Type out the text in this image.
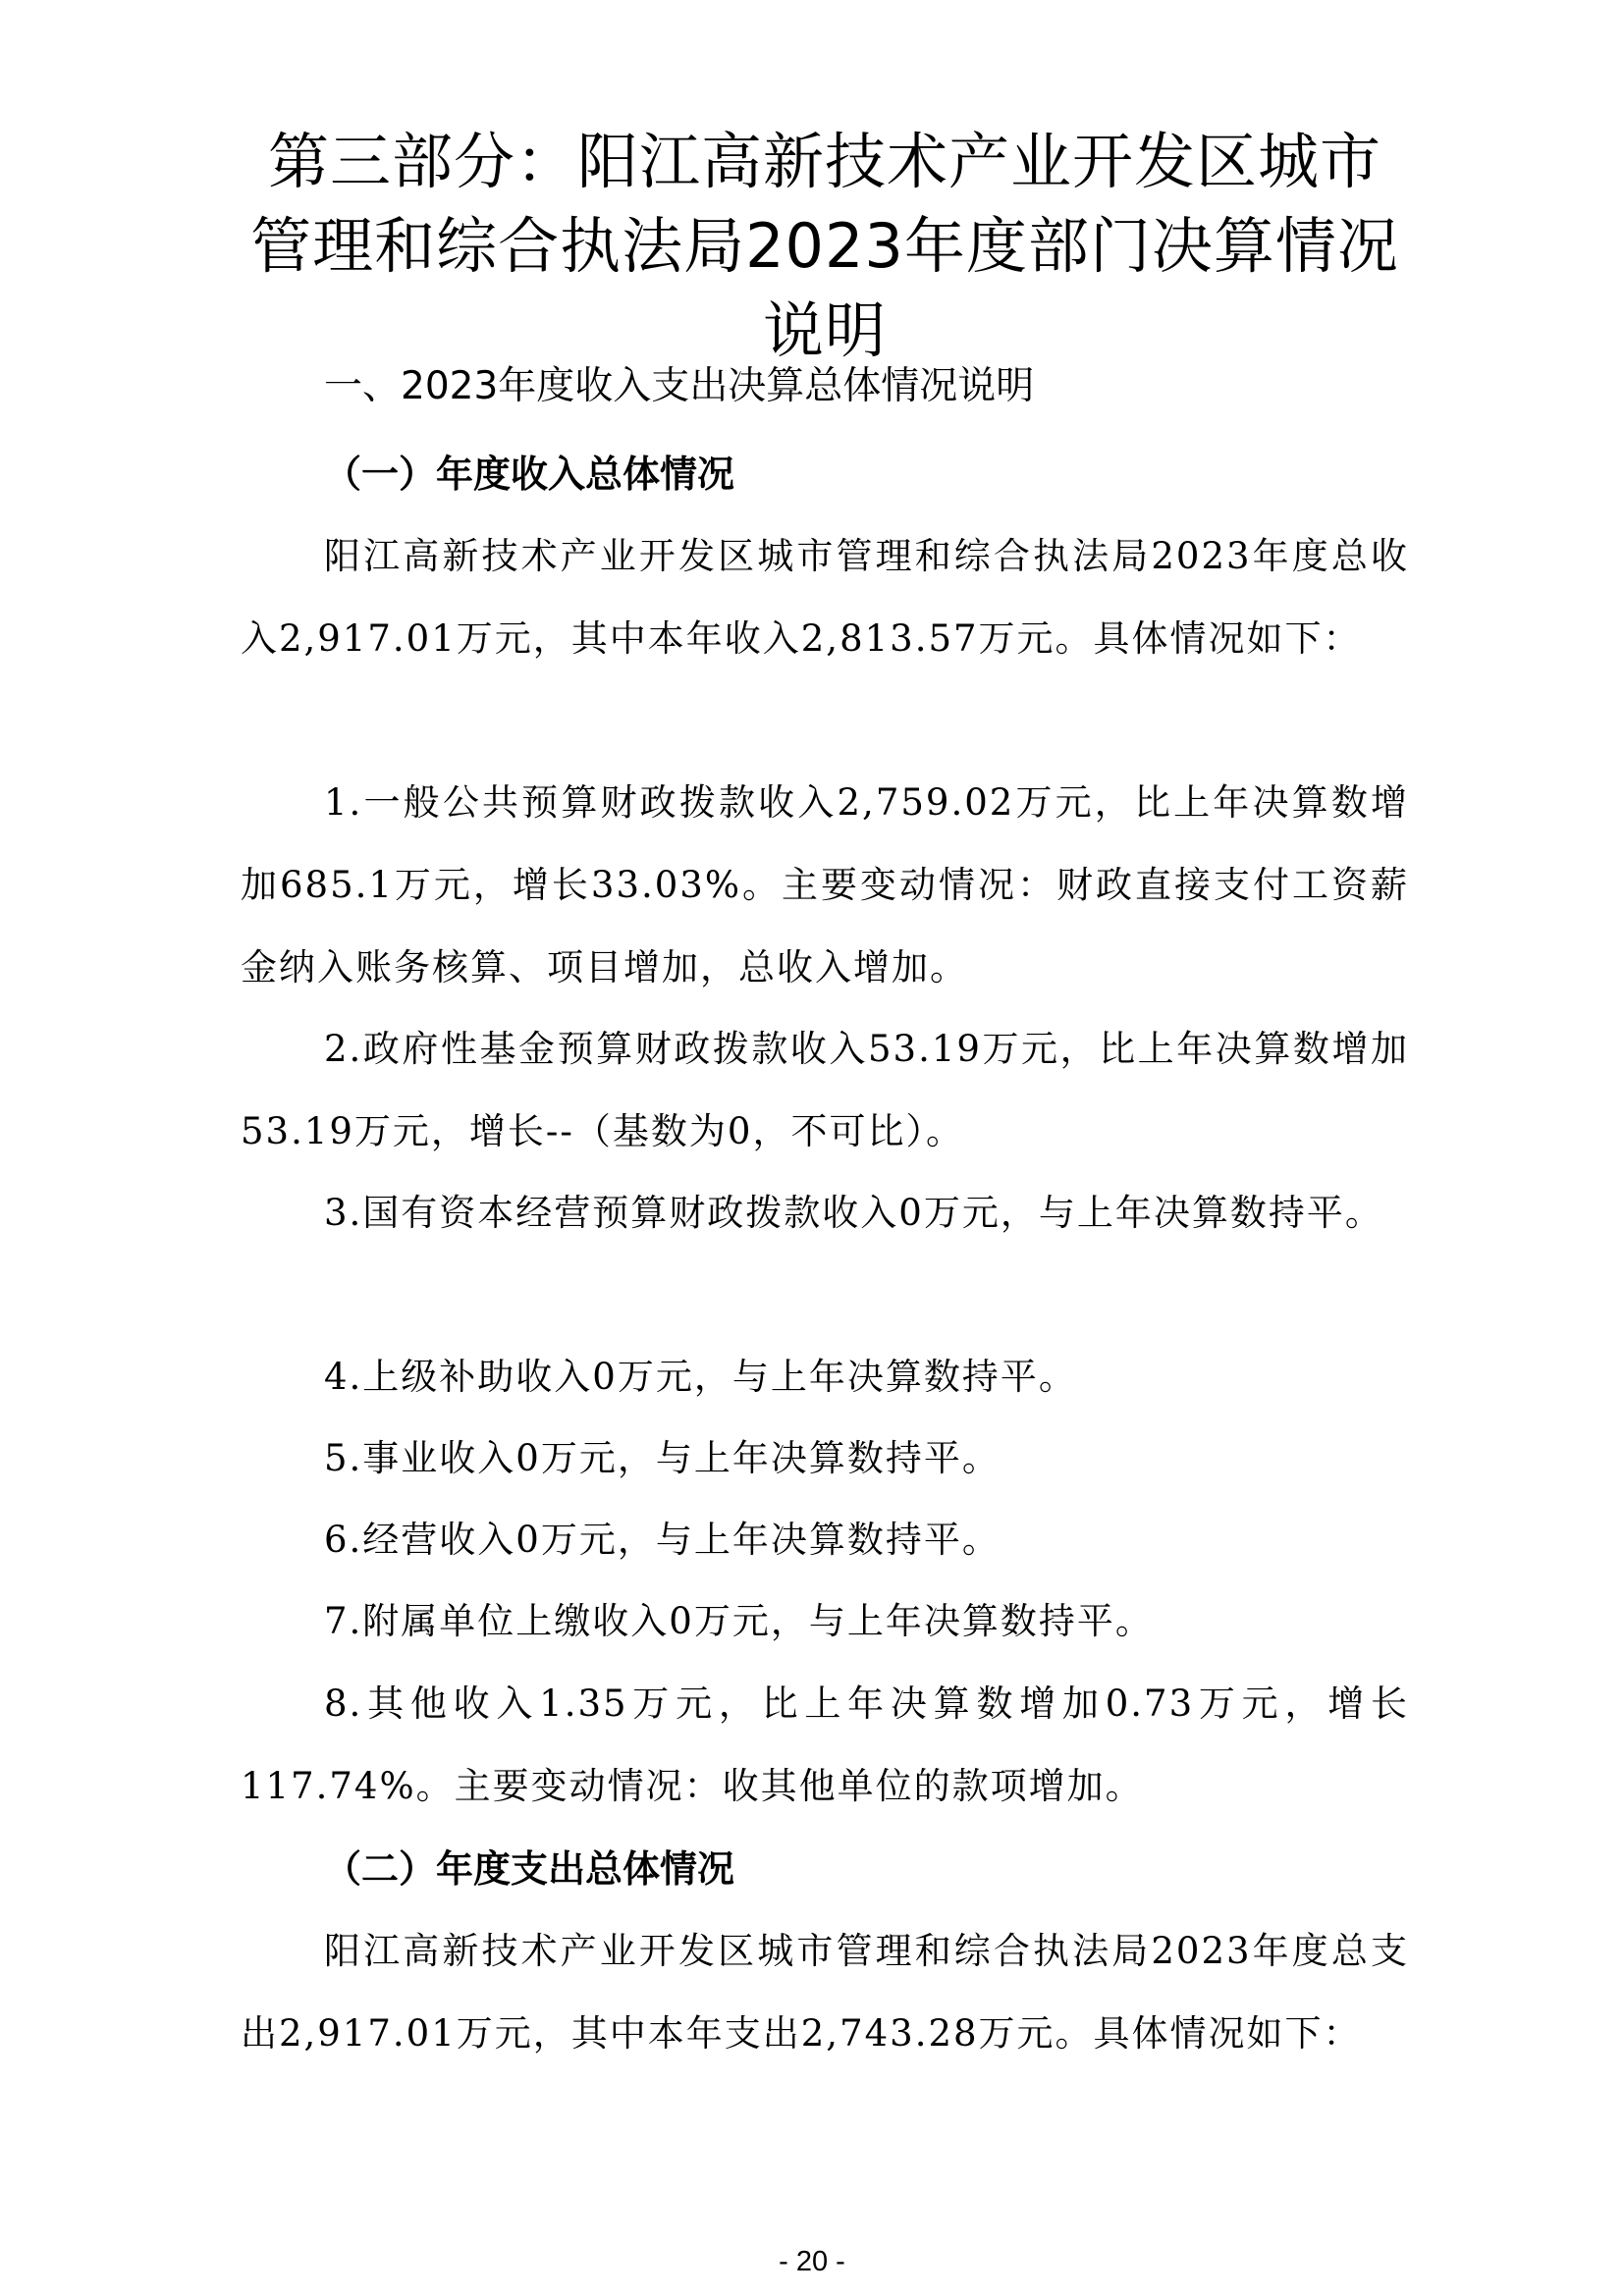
第三部分：阳江高新技术产业开发区城市管理和综合执法局2023年度部门决算情况说明
一、2023年度收入支出决算总体情况说明
（一）年度收入总体情况

阳江高新技术产业开发区城市管理和综合执法局2023年度总收入2,917.01万元，其中本年收入2,813.57万元。具体情况如下：

1.一般公共预算财政拨款收入2,759.02万元，比上年决算数增加685.1万元，增长33.03%。主要变动情况：财政直接支付工资薪金纳入账务核算、项目增加，总收入增加。

2.政府性基金预算财政拨款收入53.19万元，比上年决算数增加53.19万元，增长--（基数为0，不可比）。

3.国有资本经营预算财政拨款收入0万元，与上年决算数持平。

4.上级补助收入0万元，与上年决算数持平。

5.事业收入0万元，与上年决算数持平。

6.经营收入0万元，与上年决算数持平。

7.附属单位上缴收入0万元，与上年决算数持平。

8.其他收入1.35万元，比上年决算数增加0.73万元，增长117.74%。主要变动情况：收其他单位的款项增加。

（二）年度支出总体情况

阳江高新技术产业开发区城市管理和综合执法局2023年度总支出2,917.01万元，其中本年支出2,743.28万元。具体情况如下：

- 20 -
